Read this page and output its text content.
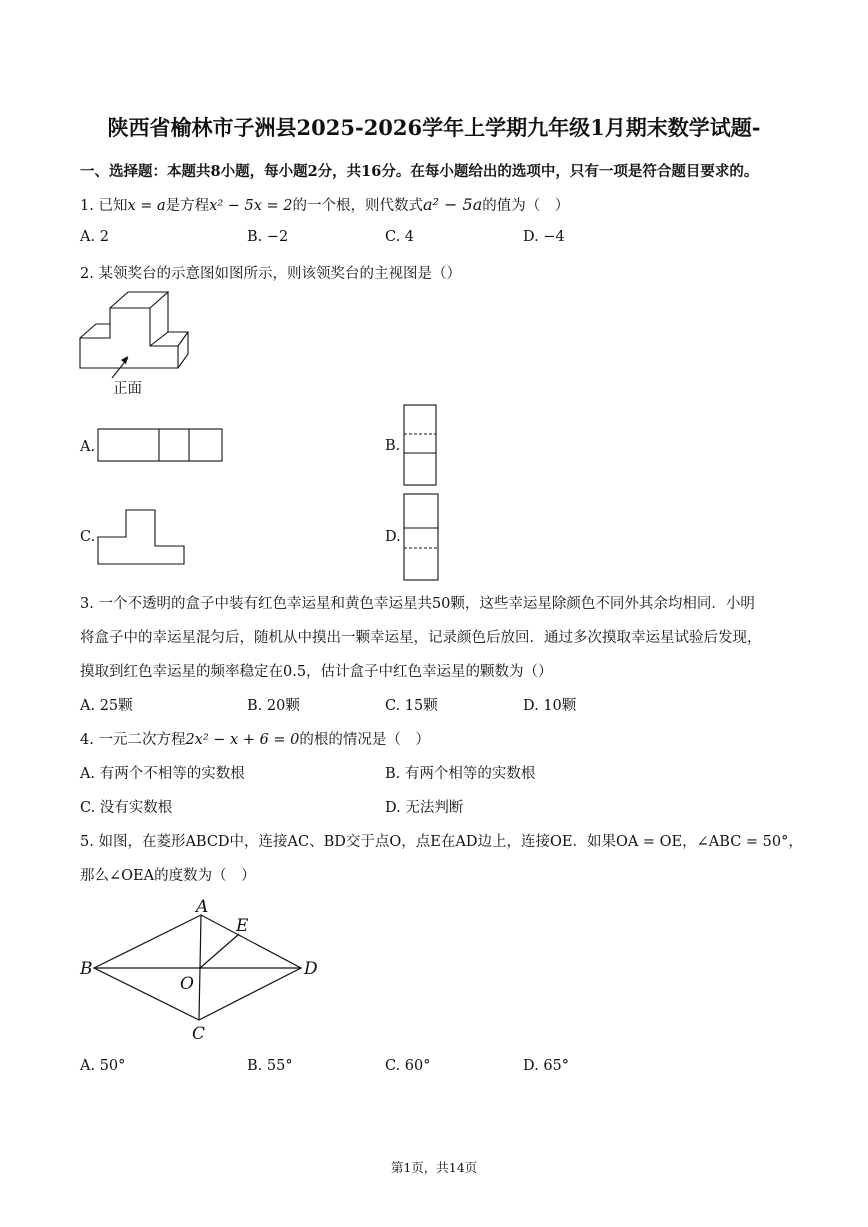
陕西省榆林市子洲县2025-2026学年上学期九年级1月期末数学试题-
一、选择题：本题共8小题，每小题2分，共16分。在每小题给出的选项中，只有一项是符合题目要求的。
1. 已知x = a是方程x² − 5x = 2的一个根，则代数式a² − 5a的值为（　）
A. 2	B. −2	C. 4	D. −4
2. 某领奖台的示意图如图所示，则该领奖台的主视图是（）
正面
A.	B.
C.	D.
3. 一个不透明的盒子中装有红色幸运星和黄色幸运星共50颗，这些幸运星除颜色不同外其余均相同．小明
将盒子中的幸运星混匀后，随机从中摸出一颗幸运星，记录颜色后放回．通过多次摸取幸运星试验后发现，
摸取到红色幸运星的频率稳定在0.5，估计盒子中红色幸运星的颗数为（）
A. 25颗	B. 20颗	C. 15颗	D. 10颗
4. 一元二次方程2x² − x + 6 = 0的根的情况是（　）
A. 有两个不相等的实数根	B. 有两个相等的实数根
C. 没有实数根	D. 无法判断
5. 如图，在菱形ABCD中，连接AC、BD交于点O，点E在AD边上，连接OE．如果OA = OE，∠ABC = 50°，
那么∠OEA的度数为（　）
A
B
C
D
E
O
A. 50°	B. 55°	C. 60°	D. 65°
第1页，共14页
